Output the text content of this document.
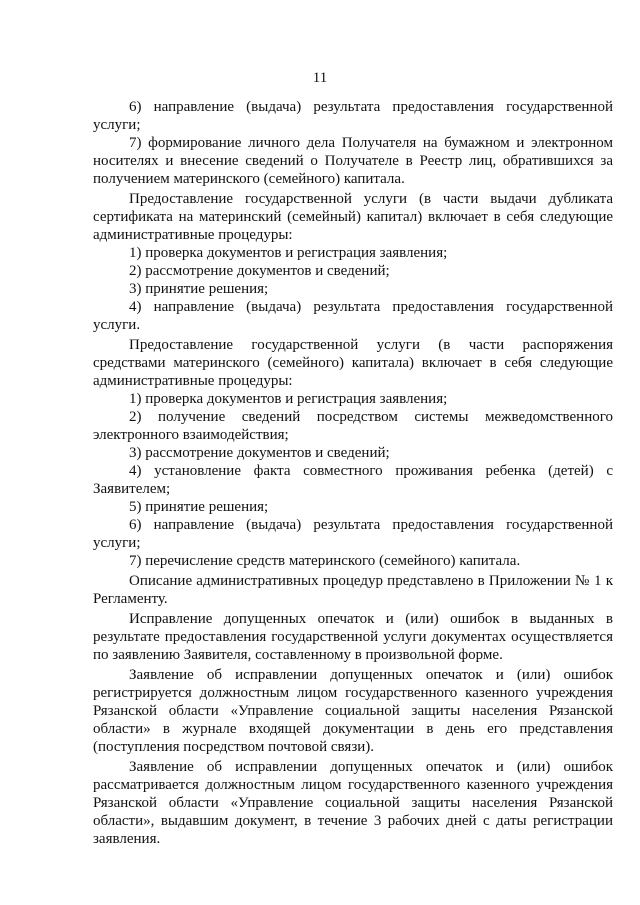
11

6) направление (выдача) результата предоставления государственной услуги;

7) формирование личного дела Получателя на бумажном и электронном носителях и внесение сведений о Получателе в Реестр лиц, обратившихся за получением материнского (семейного) капитала.

Предоставление государственной услуги (в части выдачи дубликата сертификата на материнский (семейный) капитал) включает в себя следующие административные процедуры:

1) проверка документов и регистрация заявления;

2) рассмотрение документов и сведений;

3) принятие решения;

4) направление (выдача) результата предоставления государственной услуги.

Предоставление государственной услуги (в части распоряжения средствами материнского (семейного) капитала) включает в себя следующие административные процедуры:

1) проверка документов и регистрация заявления;

2) получение сведений посредством системы межведомственного электронного взаимодействия;

3) рассмотрение документов и сведений;

4) установление факта совместного проживания ребенка (детей) с Заявителем;

5) принятие решения;

6) направление (выдача) результата предоставления государственной услуги;

7) перечисление средств материнского (семейного) капитала.

Описание административных процедур представлено в Приложении № 1 к Регламенту.

Исправление допущенных опечаток и (или) ошибок в выданных в результате предоставления государственной услуги документах осуществляется по заявлению Заявителя, составленному в произвольной форме.

Заявление об исправлении допущенных опечаток и (или) ошибок регистрируется должностным лицом государственного казенного учреждения Рязанской области «Управление социальной защиты населения Рязанской области» в журнале входящей документации в день его представления (поступления посредством почтовой связи).

Заявление об исправлении допущенных опечаток и (или) ошибок рассматривается должностным лицом государственного казенного учреждения Рязанской области «Управление социальной защиты населения Рязанской области», выдавшим документ, в течение 3 рабочих дней с даты регистрации заявления.
